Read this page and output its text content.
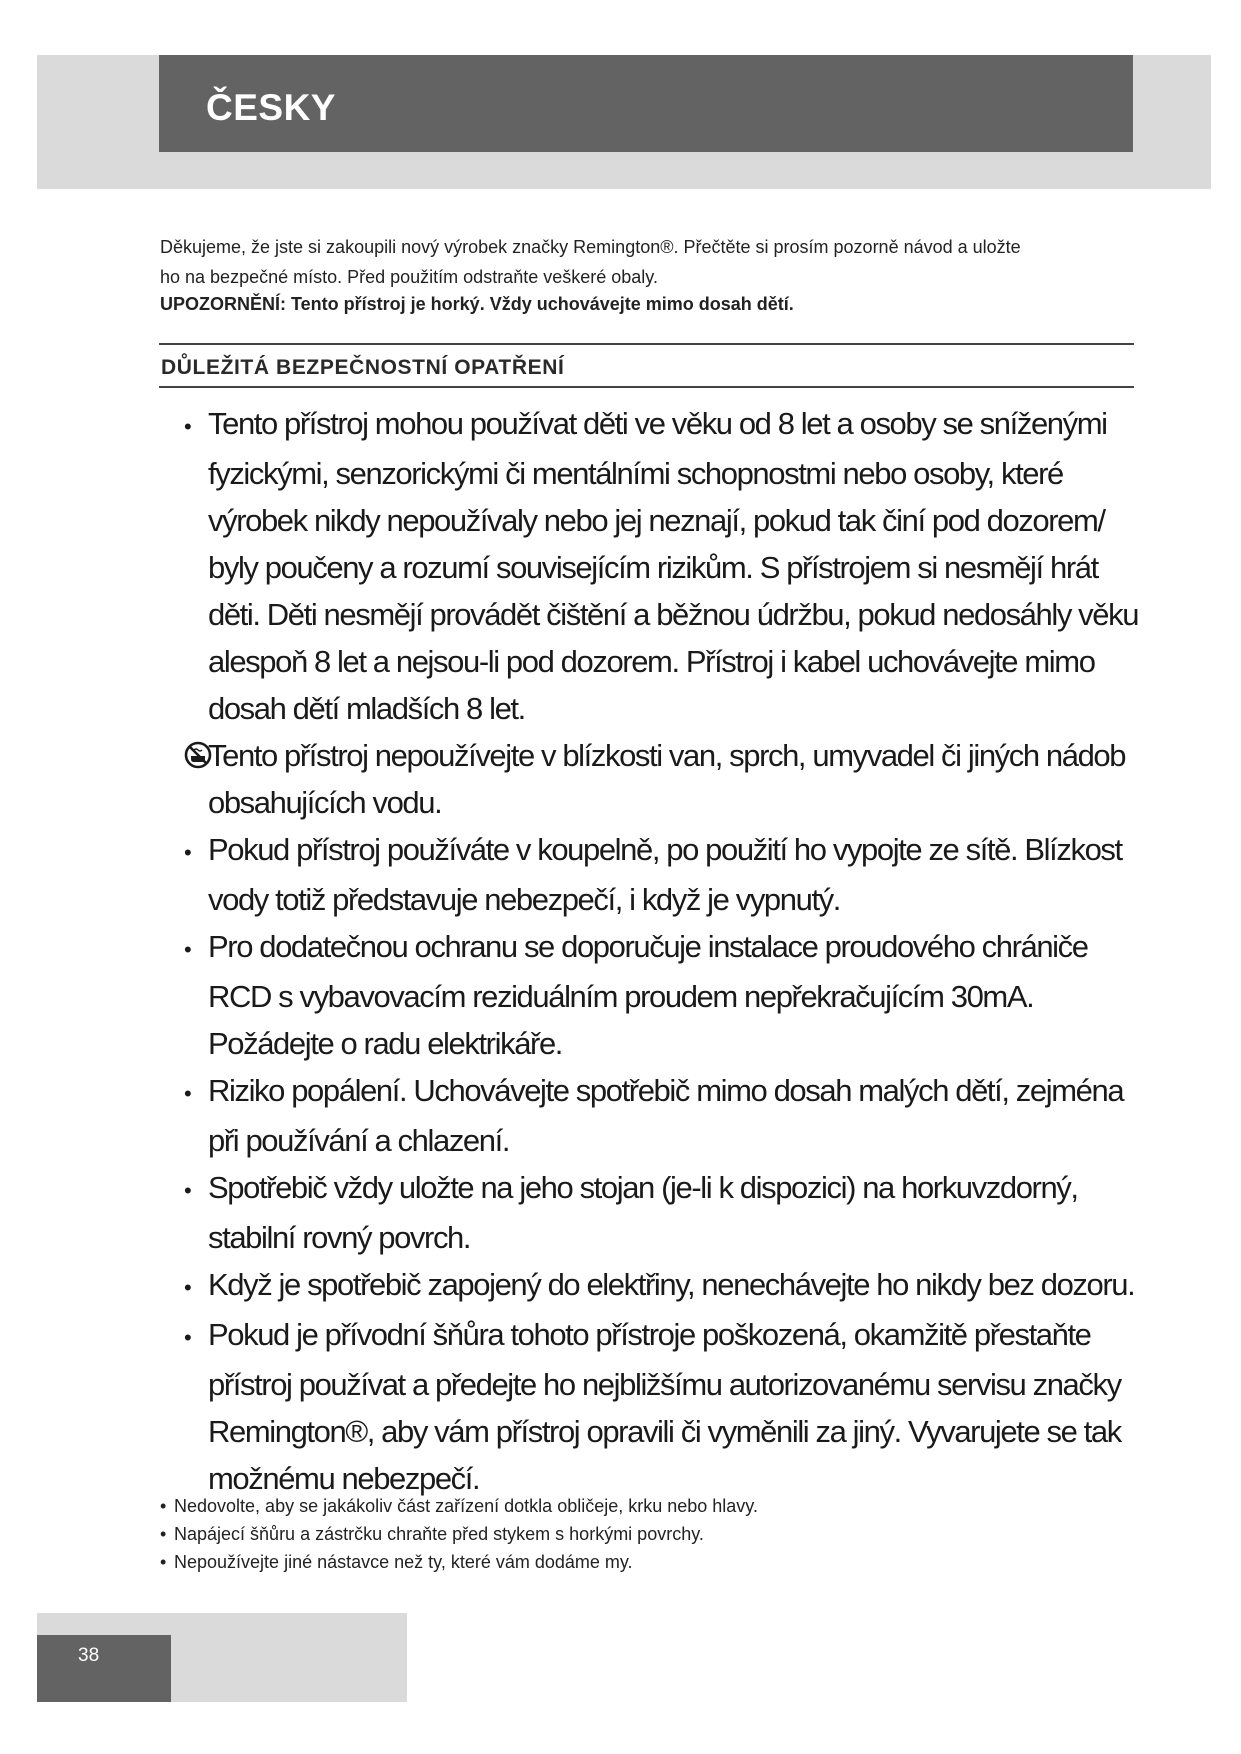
ČESKY

Děkujeme, že jste si zakoupili nový výrobek značky Remington®. Přečtěte si prosím pozorně návod a uložte

ho na bezpečné místo. Před použitím odstraňte veškeré obaly.

UPOZORNĚNÍ: Tento přístroj je horký. Vždy uchovávejte mimo dosah dětí.

DŮLEŽITÁ BEZPEČNOSTNÍ OPATŘENÍ
• Tento přístroj mohou používat děti ve věku od 8 let a osoby se sníženými fyzickými, senzorickými či mentálními schopnostmi nebo osoby, které výrobek nikdy nepoužívaly nebo jej neznají, pokud tak činí pod dozorem/ byly poučeny a rozumí souvisejícím rizikům. S přístrojem si nesmějí hrát děti. Děti nesmějí provádět čištění a běžnou údržbu, pokud nedosáhly věku alespoň 8 let a nejsou-li pod dozorem. Přístroj i kabel uchovávejte mimo dosah dětí mladších 8 let.
Tento přístroj nepoužívejte v blízkosti van, sprch, umyvadel či jiných nádob obsahujících vodu.
• Pokud přístroj používáte v koupelně, po použití ho vypojte ze sítě. Blízkost vody totiž představuje nebezpečí, i když je vypnutý.
• Pro dodatečnou ochranu se doporučuje instalace proudového chrániče RCD s vybavovacím reziduálním proudem nepřekračujícím 30mA. Požádejte o radu elektrikáře.
• Riziko popálení. Uchovávejte spotřebič mimo dosah malých dětí, zejména při používání a chlazení.
• Spotřebič vždy uložte na jeho stojan (je-li k dispozici) na horkuvzdorný, stabilní rovný povrch.
• Když je spotřebič zapojený do elektřiny, nenechávejte ho nikdy bez dozoru.
• Pokud je přívodní šňůra tohoto přístroje poškozená, okamžitě přestaňte přístroj používat a předejte ho nejbližšímu autorizovanému servisu značky Remington®, aby vám přístroj opravili či vyměnili za jiný. Vyvarujete se tak možnému nebezpečí.
• Nedovolte, aby se jakákoliv část zařízení dotkla obličeje, krku nebo hlavy.
• Napájecí šňůru a zástrčku chraňte před stykem s horkými povrchy.
• Nepoužívejte jiné nástavce než ty, které vám dodáme my.
38
